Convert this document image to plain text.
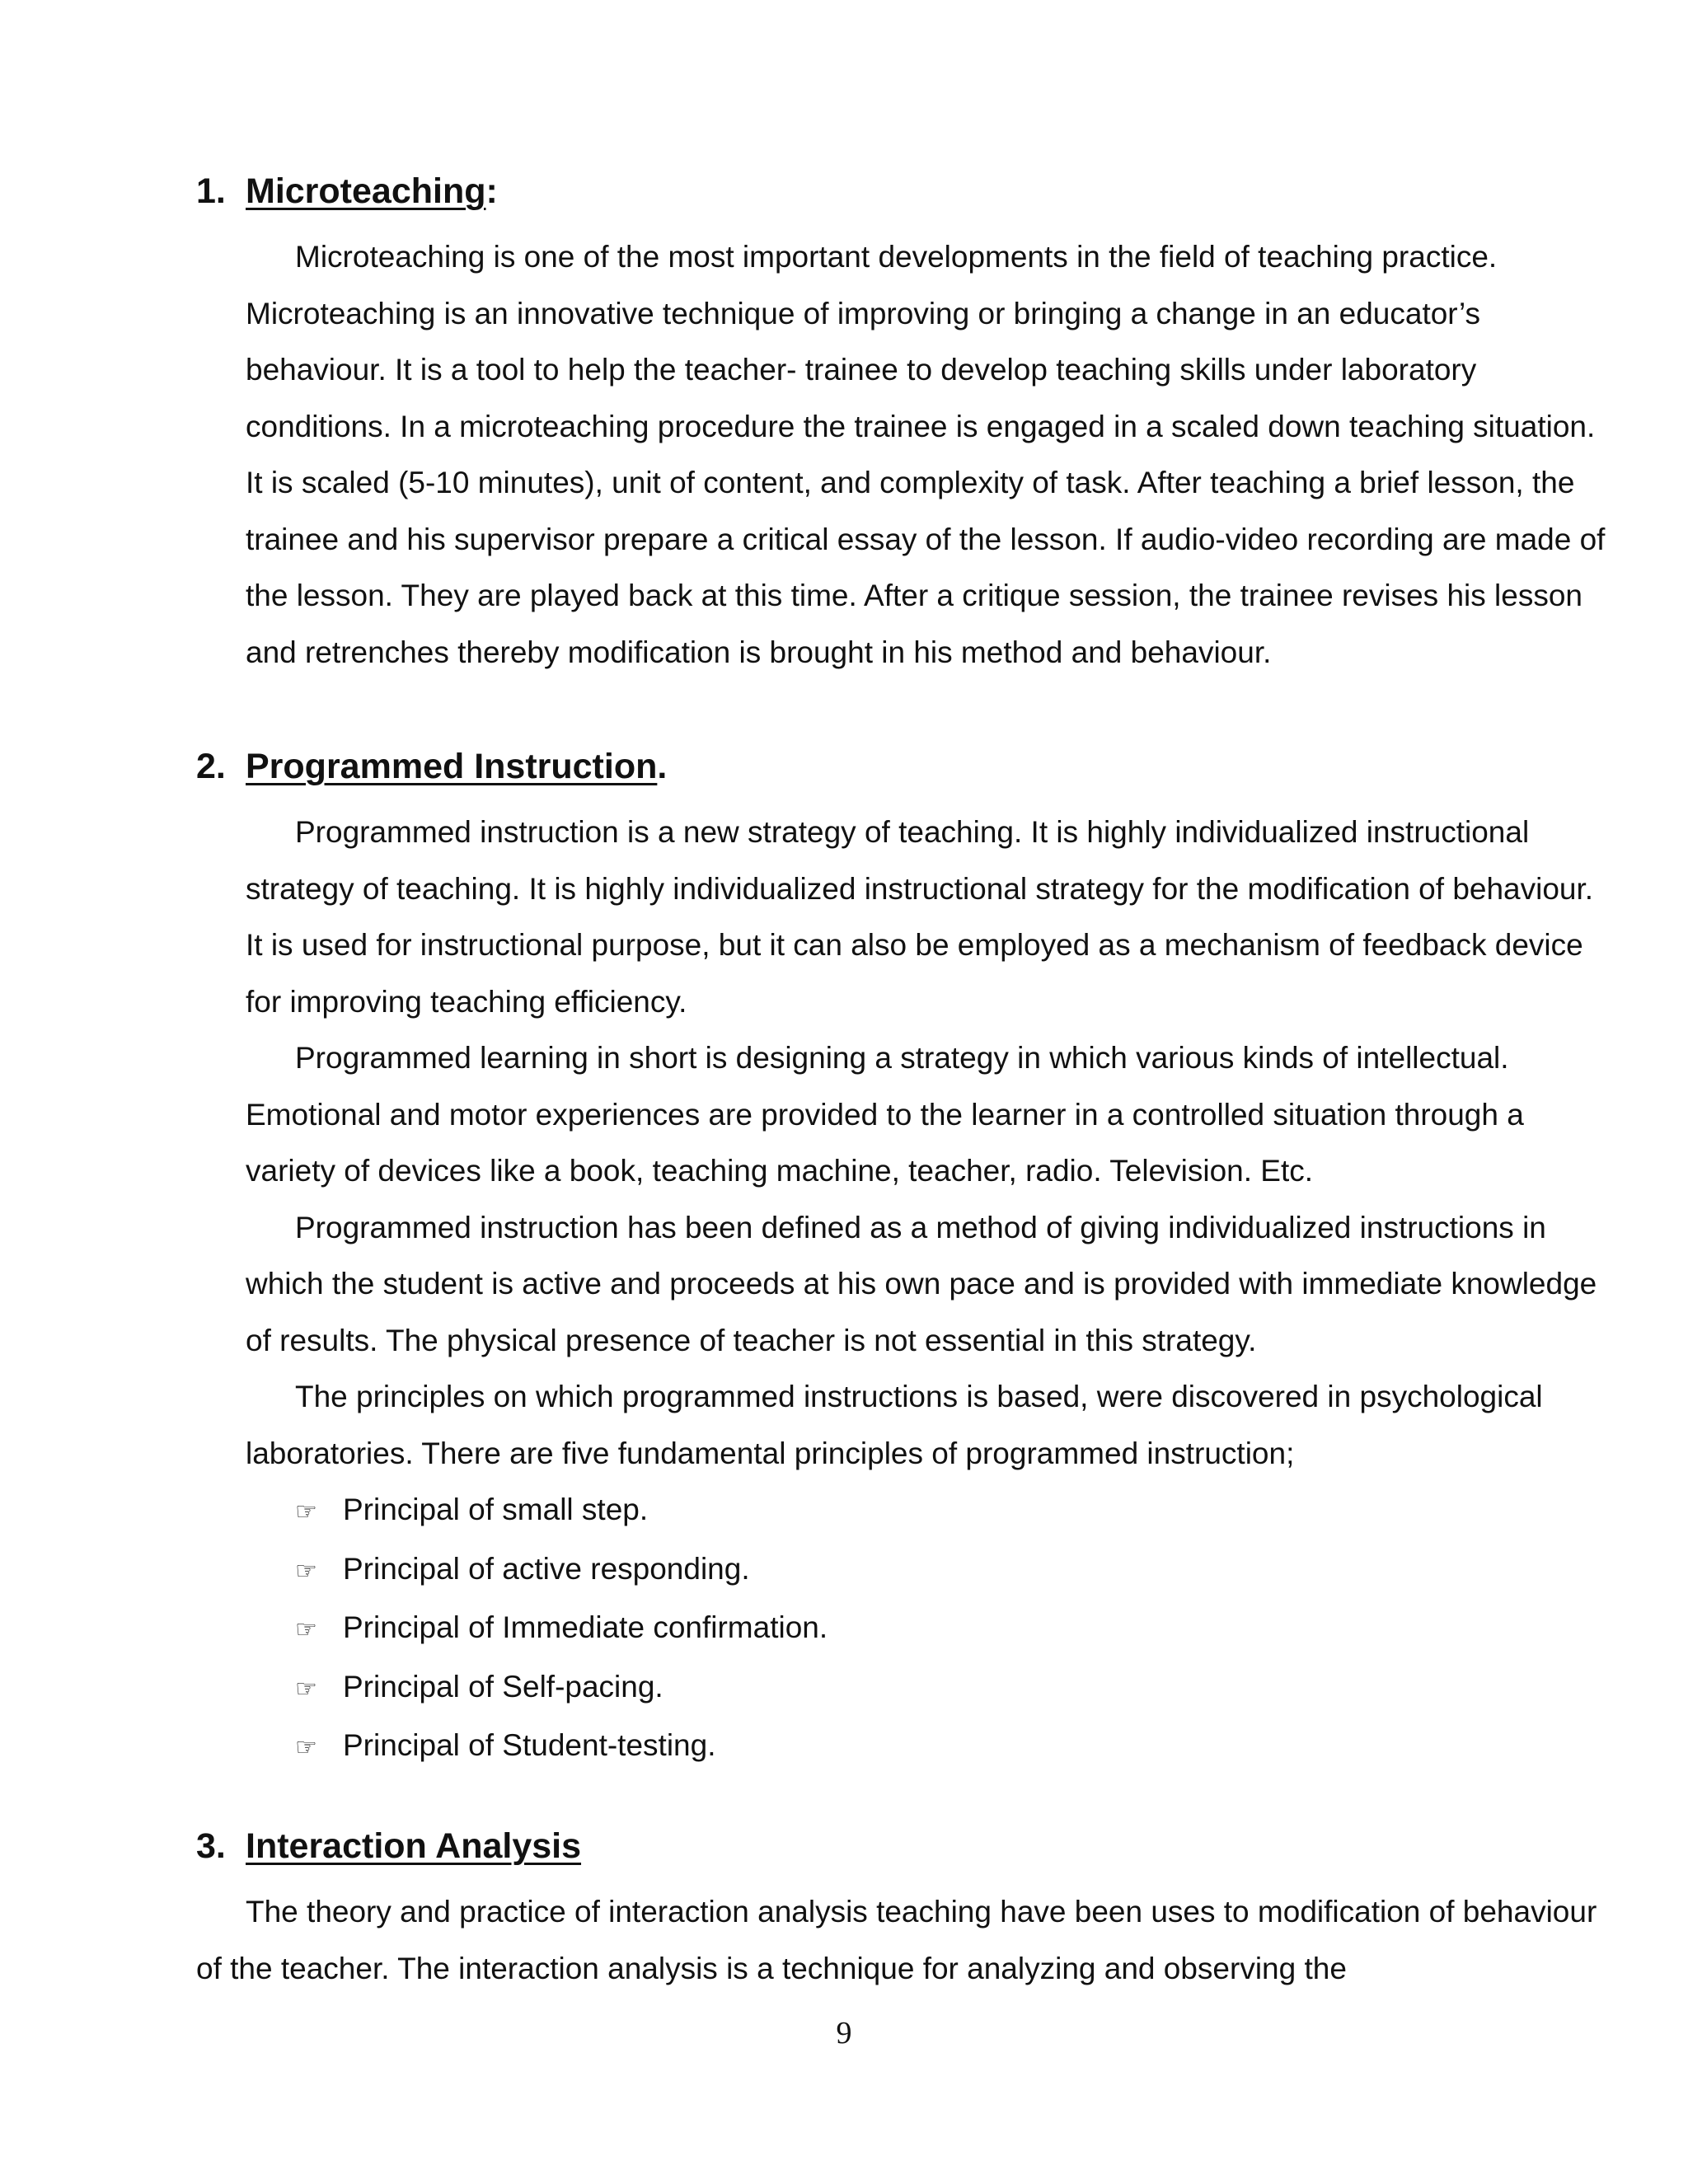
1. Microteaching:

Microteaching is one of the most important developments in the field of teaching practice. Microteaching is an innovative technique of improving or bringing a change in an educator’s behaviour. It is a tool to help the teacher- trainee to develop teaching skills under laboratory conditions. In a microteaching procedure the trainee is engaged in a scaled down teaching situation. It is scaled (5-10 minutes), unit of content, and complexity of task. After teaching a brief lesson, the trainee and his supervisor prepare a critical essay of the lesson. If audio-video recording are made of the lesson. They are played back at this time. After a critique session, the trainee revises his lesson and retrenches thereby modification is brought in his method and behaviour.

2. Programmed Instruction.

Programmed instruction is a new strategy of teaching. It is highly individualized instructional strategy of teaching. It is highly individualized instructional strategy for the modification of behaviour. It is used for instructional purpose, but it can also be employed as a mechanism of feedback device for improving teaching efficiency.

Programmed learning in short is designing a strategy in which various kinds of intellectual. Emotional and motor experiences are provided to the learner in a controlled situation through a variety of devices like a book, teaching machine, teacher, radio. Television. Etc.

Programmed instruction has been defined as a method of giving individualized instructions in which the student is active and proceeds at his own pace and is provided with immediate knowledge of results. The physical presence of teacher is not essential in this strategy.

The principles on which programmed instructions is based, were discovered in psychological laboratories. There are five fundamental principles of programmed instruction;

☞ Principal of small step.
☞ Principal of active responding.
☞ Principal of Immediate confirmation.
☞ Principal of Self-pacing.
☞ Principal of Student-testing.
3. Interaction Analysis

The theory and practice of interaction analysis teaching have been uses to modification of behaviour of the teacher. The interaction analysis is a technique for analyzing and observing the

9
